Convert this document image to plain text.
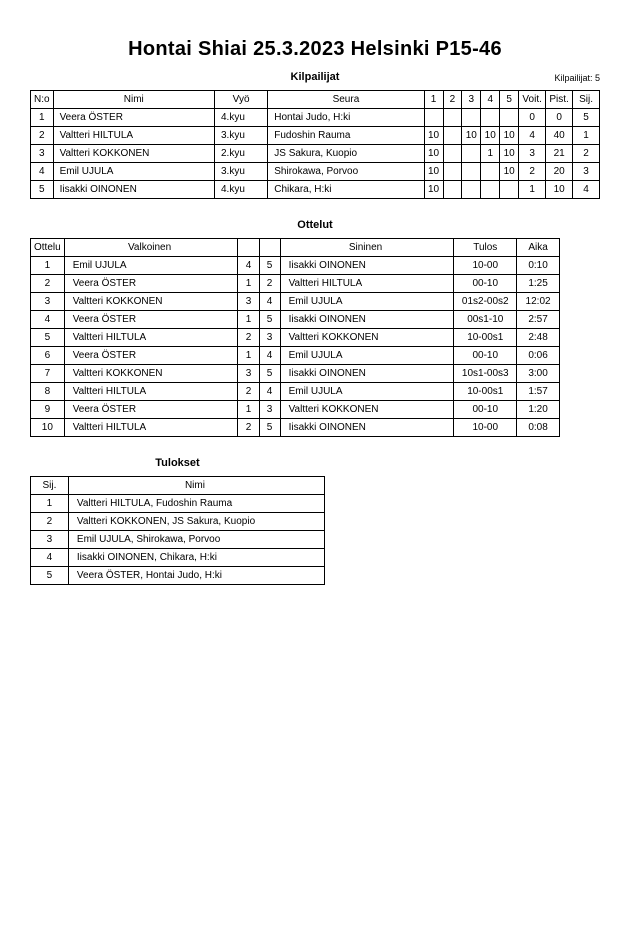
Hontai Shiai 25.3.2023 Helsinki P15-46
Kilpailijat	Kilpailijat: 5
N:o	Nimi	Vyö	Seura	1	2	3	4	5	Voit.	Pist.	Sij.
1	Veera ÖSTER	4.kyu	Hontai Judo, H:ki						0	0	5
2	Valtteri HILTULA	3.kyu	Fudoshin Rauma	10		10	10	10	4	40	1
3	Valtteri KOKKONEN	2.kyu	JS Sakura, Kuopio	10			1	10	3	21	2
4	Emil UJULA	3.kyu	Shirokawa, Porvoo	10				10	2	20	3
5	Iisakki OINONEN	4.kyu	Chikara, H:ki	10					1	10	4
Ottelut
Ottelu	Valkoinen			Sininen	Tulos	Aika
1	Emil UJULA	4	5	Iisakki OINONEN	10-00	0:10
2	Veera ÖSTER	1	2	Valtteri HILTULA	00-10	1:25
3	Valtteri KOKKONEN	3	4	Emil UJULA	01s2-00s2	12:02
4	Veera ÖSTER	1	5	Iisakki OINONEN	00s1-10	2:57
5	Valtteri HILTULA	2	3	Valtteri KOKKONEN	10-00s1	2:48
6	Veera ÖSTER	1	4	Emil UJULA	00-10	0:06
7	Valtteri KOKKONEN	3	5	Iisakki OINONEN	10s1-00s3	3:00
8	Valtteri HILTULA	2	4	Emil UJULA	10-00s1	1:57
9	Veera ÖSTER	1	3	Valtteri KOKKONEN	00-10	1:20
10	Valtteri HILTULA	2	5	Iisakki OINONEN	10-00	0:08
Tulokset
Sij.	Nimi
1	Valtteri HILTULA, Fudoshin Rauma
2	Valtteri KOKKONEN, JS Sakura, Kuopio
3	Emil UJULA, Shirokawa, Porvoo
4	Iisakki OINONEN, Chikara, H:ki
5	Veera ÖSTER, Hontai Judo, H:ki
